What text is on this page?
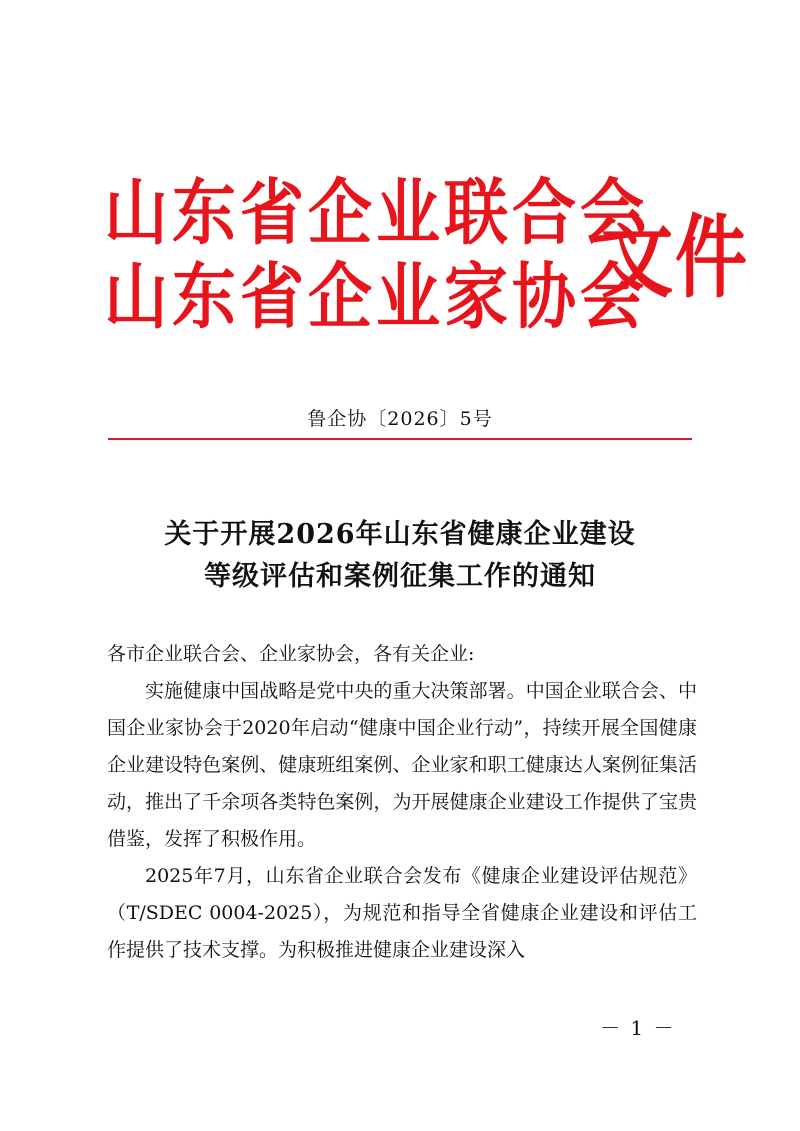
山东省企业联合会
山东省企业家协会
文件
鲁企协〔2026〕5号
关于开展2026年山东省健康企业建设
等级评估和案例征集工作的通知

各市企业联合会、企业家协会，各有关企业:

实施健康中国战略是党中央的重大决策部署。中国企业联合会、中国企业家协会于2020年启动“健康中国企业行动”，持续开展全国健康企业建设特色案例、健康班组案例、企业家和职工健康达人案例征集活动，推出了千余项各类特色案例，为开展健康企业建设工作提供了宝贵借鉴，发挥了积极作用。

2025年7月，山东省企业联合会发布《健康企业建设评估规范》（T/SDEC 0004-2025），为规范和指导全省健康企业建设和评估工作提供了技术支撑。为积极推进健康企业建设深入

－ 1 －
